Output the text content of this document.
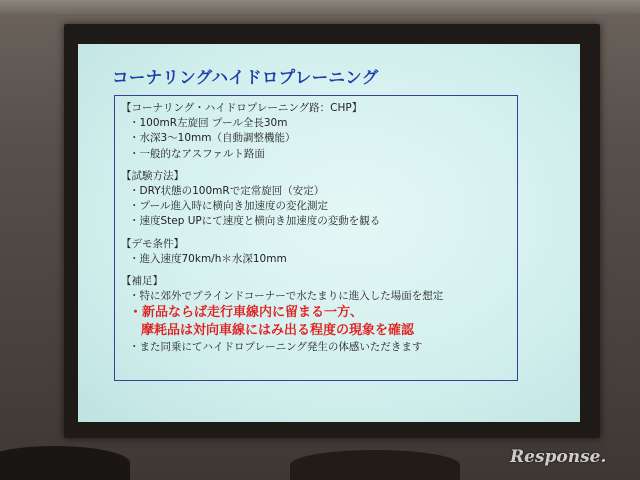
コーナリングハイドロプレーニング
【コーナリング・ハイドロプレーニング路：CHP】
・100mR左旋回 プール全長30m
・水深3～10mm（自動調整機能）
・一般的なアスファルト路面
【試験方法】
・DRY状態の100mRで定常旋回（安定）
・プール進入時に横向き加速度の変化測定
・速度Step UPにて速度と横向き加速度の変動を観る
【デモ条件】
・進入速度70km/h＊水深10mm
【補足】
・特に郊外でブラインドコーナーで水たまりに進入した場面を想定
・新品ならば走行車線内に留まる一方、
摩耗品は対向車線にはみ出る程度の現象を確認
・また同乗にてハイドロプレーニング発生の体感いただきます
Response.
